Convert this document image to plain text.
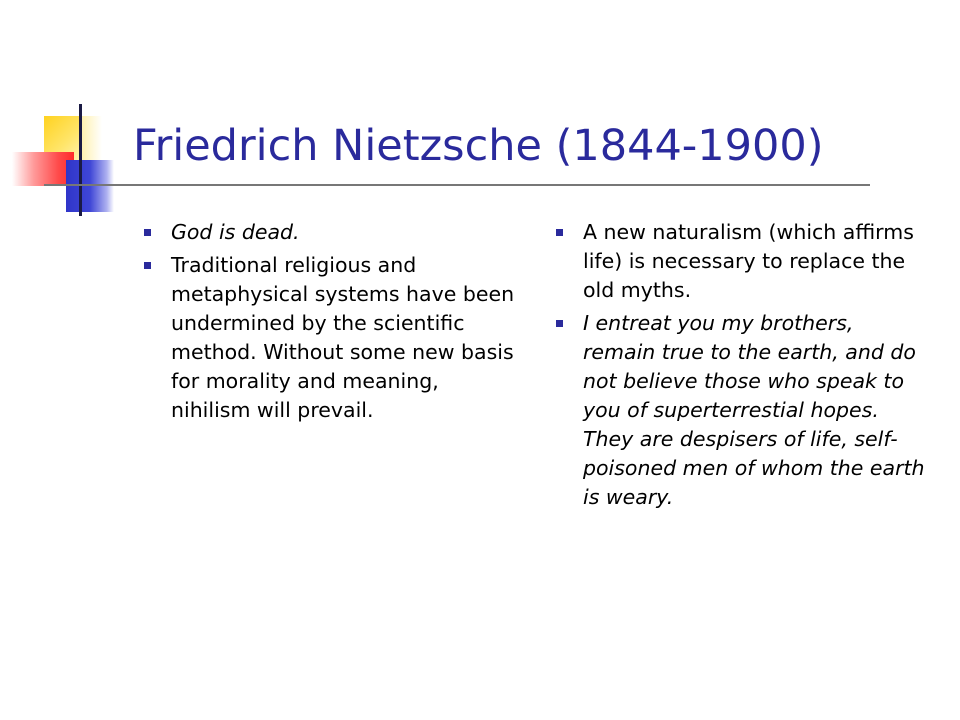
Friedrich Nietzsche (1844-1900)
God is dead.
Traditional religious and metaphysical systems have been undermined by the scientific method. Without some new basis for morality and meaning, nihilism will prevail.
A new naturalism (which affirms life) is necessary to replace the old myths.
I entreat you my brothers, remain true to the earth, and do not believe those who speak to you of superterrestial hopes. They are despisers of life, self-poisoned men of whom the earth is weary.
